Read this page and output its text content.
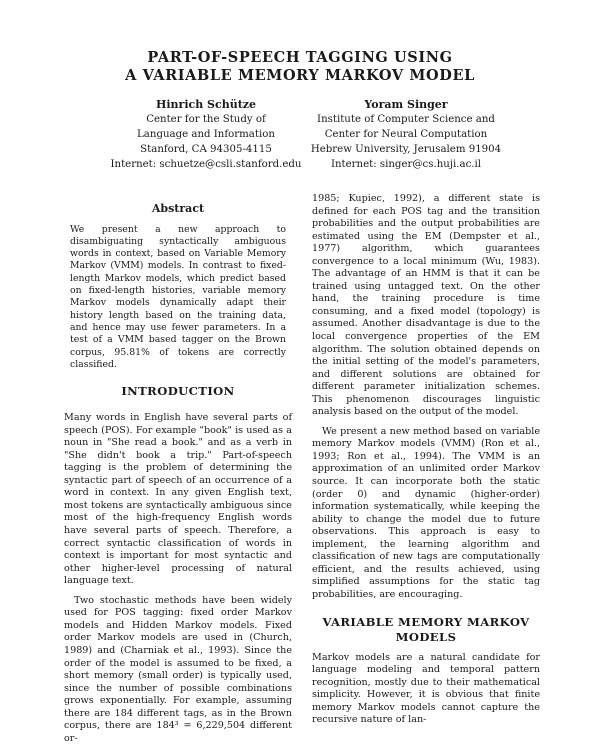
PART-OF-SPEECH TAGGING USING
A VARIABLE MEMORY MARKOV MODEL
Hinrich Schütze
Center for the Study of
Language and Information
Stanford, CA 94305-4115
Internet: schuetze@csli.stanford.edu
Yoram Singer
Institute of Computer Science and
Center for Neural Computation
Hebrew University, Jerusalem 91904
Internet: singer@cs.huji.ac.il
Abstract

We present a new approach to disambiguating syntactically ambiguous words in context, based on Variable Memory Markov (VMM) models. In contrast to fixed-length Markov models, which predict based on fixed-length histories, variable memory Markov models dynamically adapt their history length based on the training data, and hence may use fewer parameters. In a test of a VMM based tagger on the Brown corpus, 95.81% of tokens are correctly classified.

INTRODUCTION

Many words in English have several parts of speech (POS). For example "book" is used as a noun in "She read a book." and as a verb in "She didn't book a trip." Part-of-speech tagging is the problem of determining the syntactic part of speech of an occurrence of a word in context. In any given English text, most tokens are syntactically ambiguous since most of the high-frequency English words have several parts of speech. Therefore, a correct syntactic classification of words in context is important for most syntactic and other higher-level processing of natural language text.

Two stochastic methods have been widely used for POS tagging: fixed order Markov models and Hidden Markov models. Fixed order Markov models are used in (Church, 1989) and (Charniak et al., 1993). Since the order of the model is assumed to be fixed, a short memory (small order) is typically used, since the number of possible combinations grows exponentially. For example, assuming there are 184 different tags, as in the Brown corpus, there are 184³ = 6,229,504 different or-

1985; Kupiec, 1992), a different state is defined for each POS tag and the transition probabilities and the output probabilities are estimated using the EM (Dempster et al., 1977) algorithm, which guarantees convergence to a local minimum (Wu, 1983). The advantage of an HMM is that it can be trained using untagged text. On the other hand, the training procedure is time consuming, and a fixed model (topology) is assumed. Another disadvantage is due to the local convergence properties of the EM algorithm. The solution obtained depends on the initial setting of the model's parameters, and different solutions are obtained for different parameter initialization schemes. This phenomenon discourages linguistic analysis based on the output of the model.

We present a new method based on variable memory Markov models (VMM) (Ron et al., 1993; Ron et al., 1994). The VMM is an approximation of an unlimited order Markov source. It can incorporate both the static (order 0) and dynamic (higher-order) information systematically, while keeping the ability to change the model due to future observations. This approach is easy to implement, the learning algorithm and classification of new tags are computationally efficient, and the results achieved, using simplified assumptions for the static tag probabilities, are encouraging.

VARIABLE MEMORY MARKOV
MODELS

Markov models are a natural candidate for language modeling and temporal pattern recognition, mostly due to their mathematical simplicity. However, it is obvious that finite memory Markov models cannot capture the recursive nature of lan-
